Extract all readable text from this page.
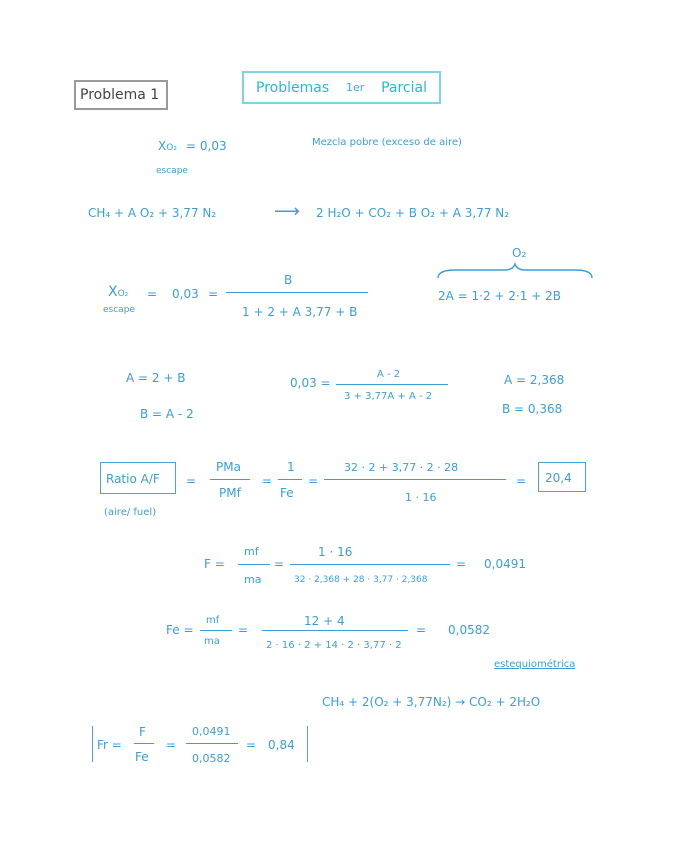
Problema 1	Problemas 1er Parcial
XO₂ = 0,03
escape
Mezcla pobre (exceso de aire)
CH₄ + A O₂ + 3,77 N₂	⟶ 2 H₂O + CO₂ + B O₂ + A 3,77 N₂
O₂
2A = 1·2 + 2·1 + 2B
XO₂
escape
= 0,03 =
B
1 + 2 + A 3,77 + B
A = 2 + B
B = A - 2
0,03 =
A - 2
3 + 3,77A + A - 2
A = 2,368
B = 0,368
Ratio A/F
(aire/ fuel)
=
PMa
PMf
=
1
Fe
=
32 · 2 + 3,77 · 2 · 28
1 · 16
= 20,4
F =
mf
ma
=
1 · 16
32 · 2,368 + 28 · 3,77 · 2,368
= 0,0491
Fe =
mf
ma
=
12 + 4
2 · 16 · 2 + 14 · 2 · 3,77 · 2
= 0,0582
estequiométrica
CH₄ + 2(O₂ + 3,77N₂) → CO₂ + 2H₂O
Fr =
F
Fe
=
0,0491
0,0582
= 0,84
